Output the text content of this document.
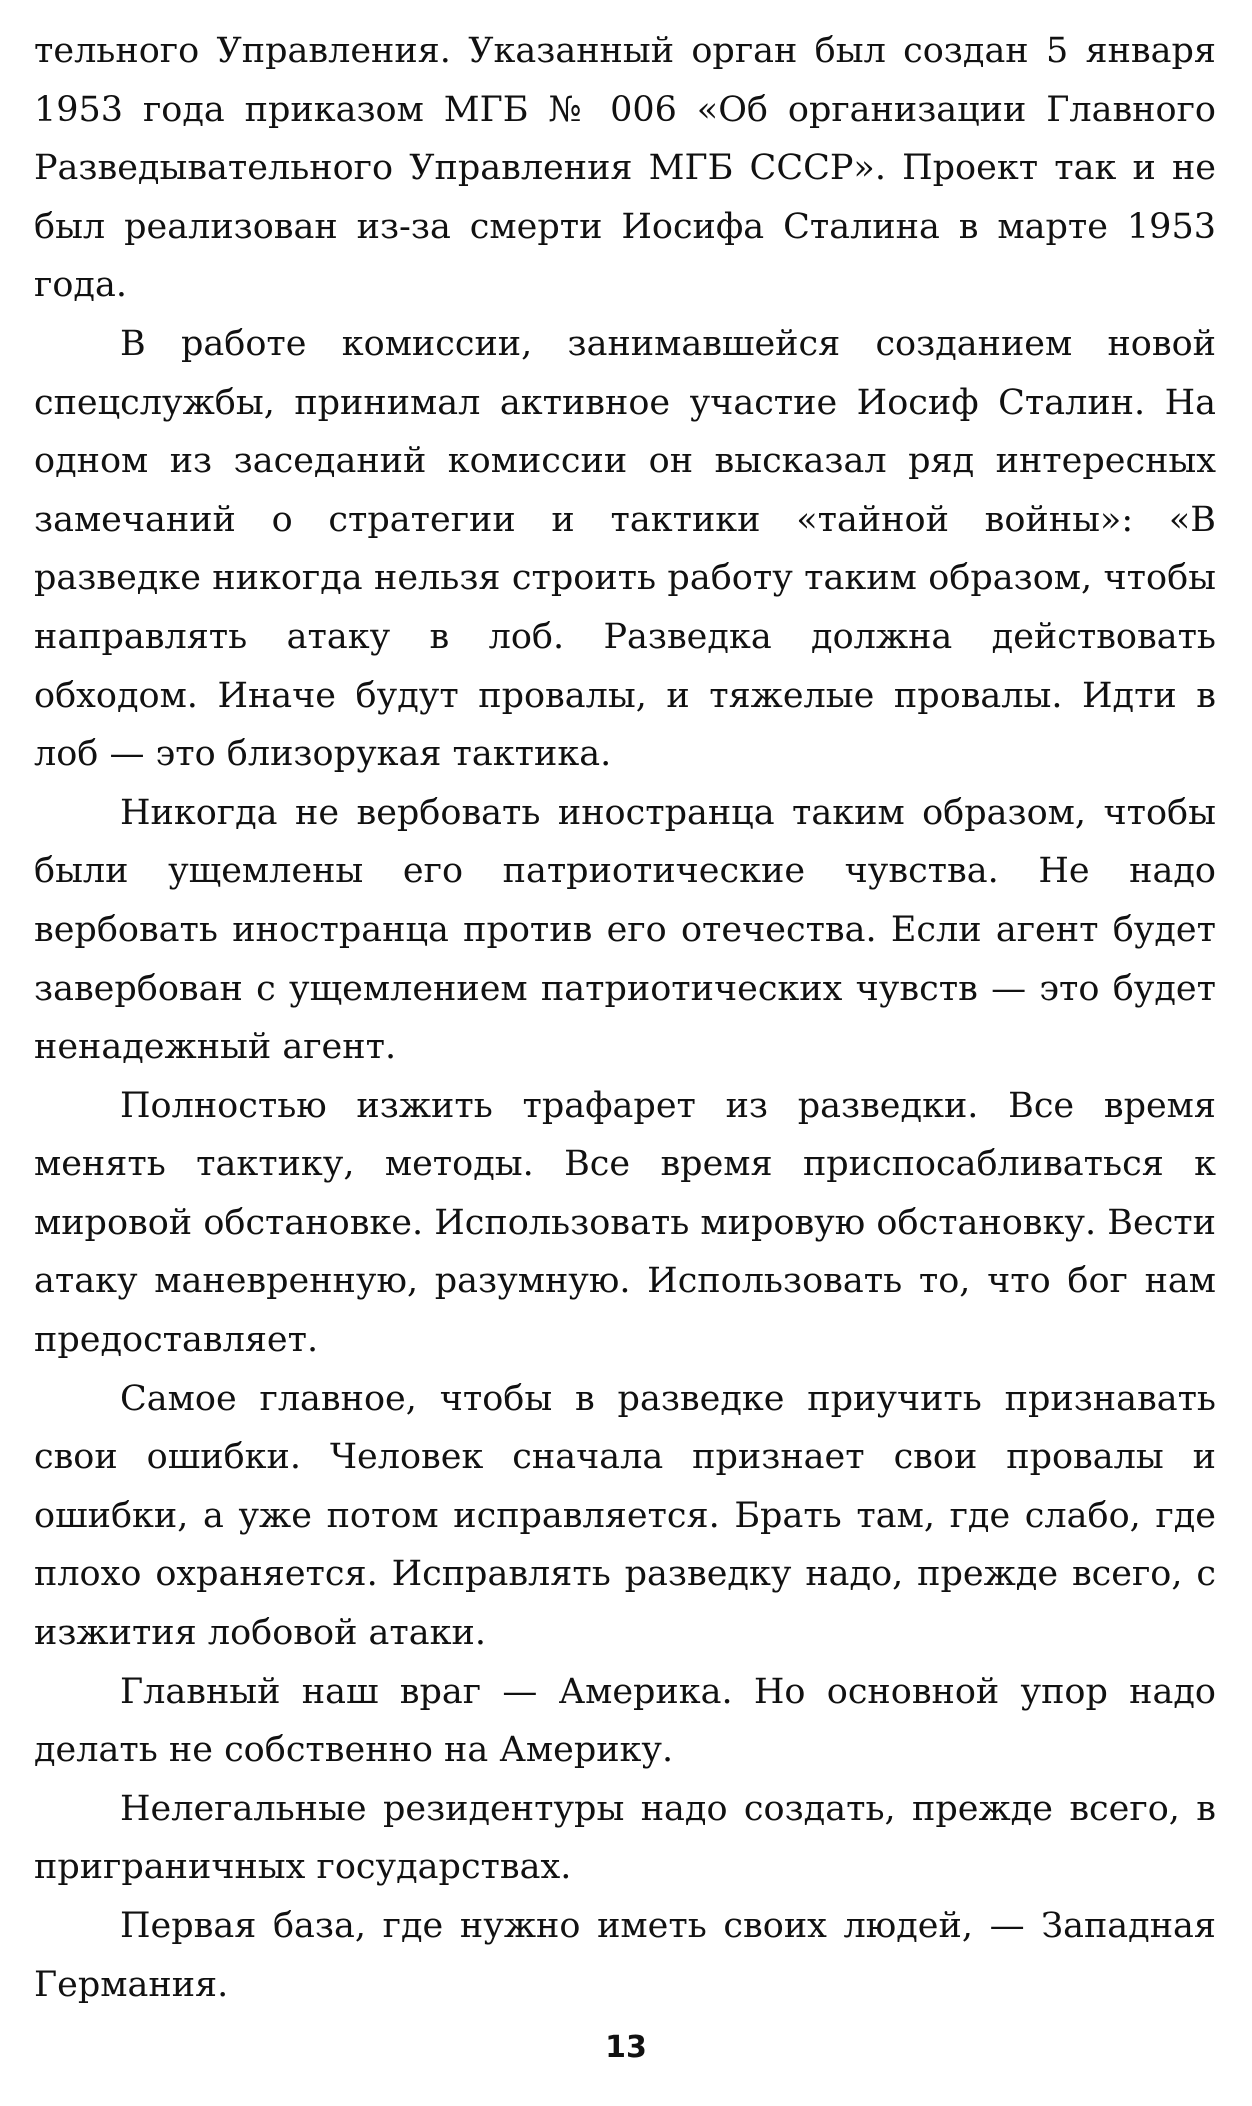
тельного Управления. Указанный орган был создан 5 января 1953 года приказом МГБ № 006 «Об организации Главного Разведывательного Управления МГБ СССР». Проект так и не был реализован из-за смерти Иосифа Сталина в марте 1953 года.

В работе комиссии, занимавшейся созданием новой спецслужбы, принимал активное участие Иосиф Сталин. На одном из заседаний комиссии он высказал ряд интересных замечаний о стратегии и тактики «тайной войны»: «В разведке никогда нельзя строить работу таким образом, чтобы направлять атаку в лоб. Разведка должна действовать обходом. Иначе будут провалы, и тяжелые провалы. Идти в лоб — это близорукая тактика.

Никогда не вербовать иностранца таким образом, чтобы были ущемлены его патриотические чувства. Не надо вербовать иностранца против его отечества. Если агент будет завербован с ущемлением патриотических чувств — это будет ненадежный агент.

Полностью изжить трафарет из разведки. Все время менять тактику, методы. Все время приспосабливаться к мировой обстановке. Использовать мировую обстановку. Вести атаку маневренную, разумную. Использовать то, что бог нам предоставляет.

Самое главное, чтобы в разведке приучить признавать свои ошибки. Человек сначала признает свои провалы и ошибки, а уже потом исправляется. Брать там, где слабо, где плохо охраняется. Исправлять разведку надо, прежде всего, с изжития лобовой атаки.

Главный наш враг — Америка. Но основной упор надо делать не собственно на Америку.

Нелегальные резидентуры надо создать, прежде всего, в приграничных государствах.

Первая база, где нужно иметь своих людей, — Западная Германия.

13
